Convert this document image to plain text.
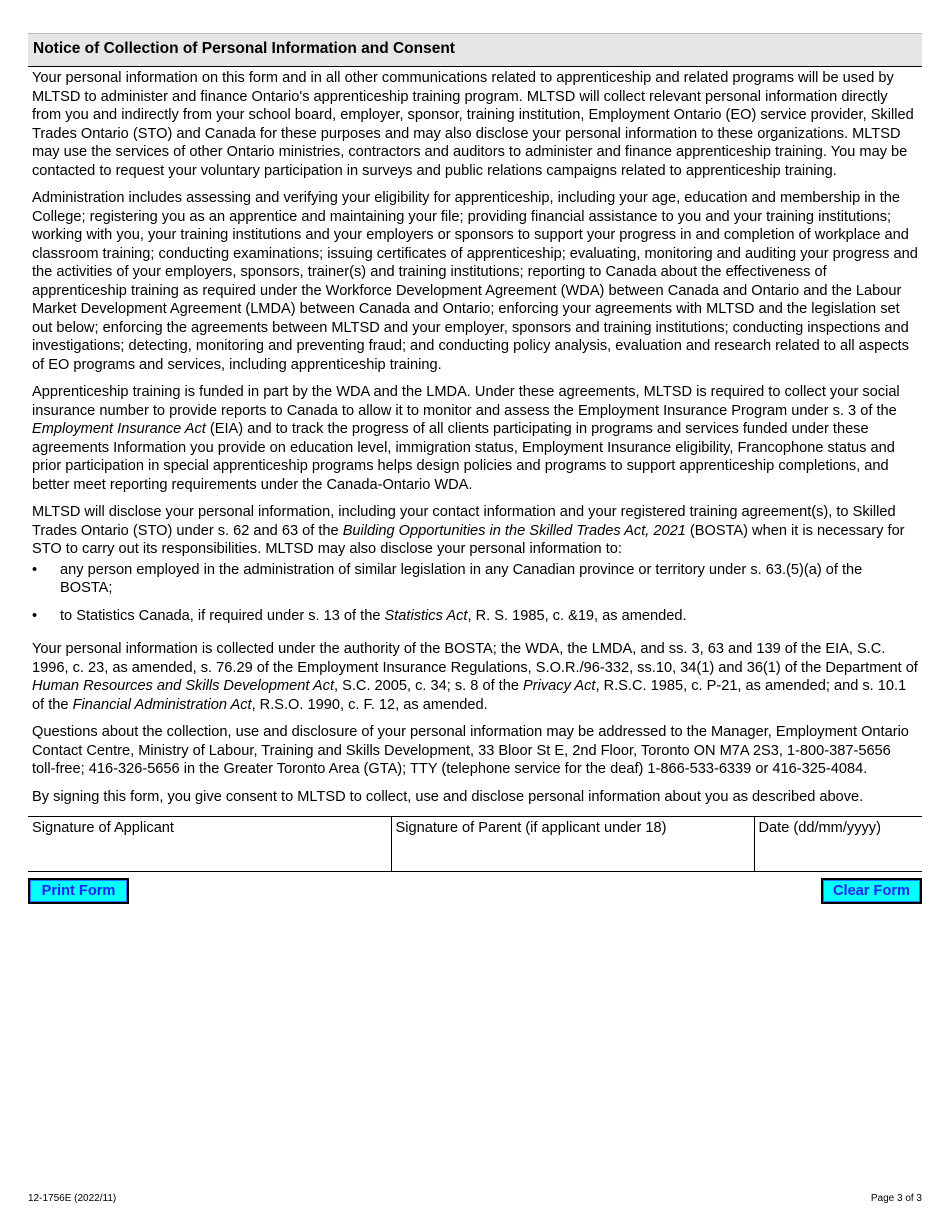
Notice of Collection of Personal Information and Consent

Your personal information on this form and in all other communications related to apprenticeship and related programs will be used by MLTSD to administer and finance Ontario's apprenticeship training program. MLTSD will collect relevant personal information directly from you and indirectly from your school board, employer, sponsor, training institution, Employment Ontario (EO) service provider, Skilled Trades Ontario (STO) and Canada for these purposes and may also disclose your personal information to these organizations. MLTSD may use the services of other Ontario ministries, contractors and auditors to administer and finance apprenticeship training. You may be contacted to request your voluntary participation in surveys and public relations campaigns related to apprenticeship training.

Administration includes assessing and verifying your eligibility for apprenticeship, including your age, education and membership in the College; registering you as an apprentice and maintaining your file; providing financial assistance to you and your training institutions; working with you, your training institutions and your employers or sponsors to support your progress in and completion of workplace and classroom training; conducting examinations; issuing certificates of apprenticeship; evaluating, monitoring and auditing your progress and the activities of your employers, sponsors, trainer(s) and training institutions; reporting to Canada about the effectiveness of apprenticeship training as required under the Workforce Development Agreement (WDA) between Canada and Ontario and the Labour Market Development Agreement (LMDA) between Canada and Ontario; enforcing your agreements with MLTSD and the legislation set out below; enforcing the agreements between MLTSD and your employer, sponsors and training institutions; conducting inspections and investigations; detecting, monitoring and preventing fraud; and conducting policy analysis, evaluation and research related to all aspects of EO programs and services, including apprenticeship training.

Apprenticeship training is funded in part by the WDA and the LMDA. Under these agreements, MLTSD is required to collect your social insurance number to provide reports to Canada to allow it to monitor and assess the Employment Insurance Program under s. 3 of the Employment Insurance Act (EIA) and to track the progress of all clients participating in programs and services funded under these agreements Information you provide on education level, immigration status, Employment Insurance eligibility, Francophone status and prior participation in special apprenticeship programs helps design policies and programs to support apprenticeship completions, and better meet reporting requirements under the Canada-Ontario WDA.

MLTSD will disclose your personal information, including your contact information and your registered training agreement(s), to Skilled Trades Ontario (STO) under s. 62 and 63 of the Building Opportunities in the Skilled Trades Act, 2021 (BOSTA) when it is necessary for STO to carry out its responsibilities. MLTSD may also disclose your personal information to:

• any person employed in the administration of similar legislation in any Canadian province or territory under s. 63.(5)(a) of the BOSTA;
• to Statistics Canada, if required under s. 13 of the Statistics Act, R. S. 1985, c. &19, as amended.

Your personal information is collected under the authority of the BOSTA; the WDA, the LMDA, and ss. 3, 63 and 139 of the EIA, S.C. 1996, c. 23, as amended, s. 76.29 of the Employment Insurance Regulations, S.O.R./96-332, ss.10, 34(1) and 36(1) of the Department of Human Resources and Skills Development Act, S.C. 2005, c. 34; s. 8 of the Privacy Act, R.S.C. 1985, c. P-21, as amended; and s. 10.1 of the Financial Administration Act, R.S.O. 1990, c. F. 12, as amended.

Questions about the collection, use and disclosure of your personal information may be addressed to the Manager, Employment Ontario Contact Centre, Ministry of Labour, Training and Skills Development, 33 Bloor St E, 2nd Floor, Toronto ON M7A 2S3, 1-800-387-5656 toll-free; 416-326-5656 in the Greater Toronto Area (GTA); TTY (telephone service for the deaf) 1-866-533-6339 or 416-325-4084.

By signing this form, you give consent to MLTSD to collect, use and disclose personal information about you as described above.

Signature of Applicant	Signature of Parent (if applicant under 18)	Date (dd/mm/yyyy)
Print Form	Clear Form
12-1756E (2022/11)	Page 3 of 3
